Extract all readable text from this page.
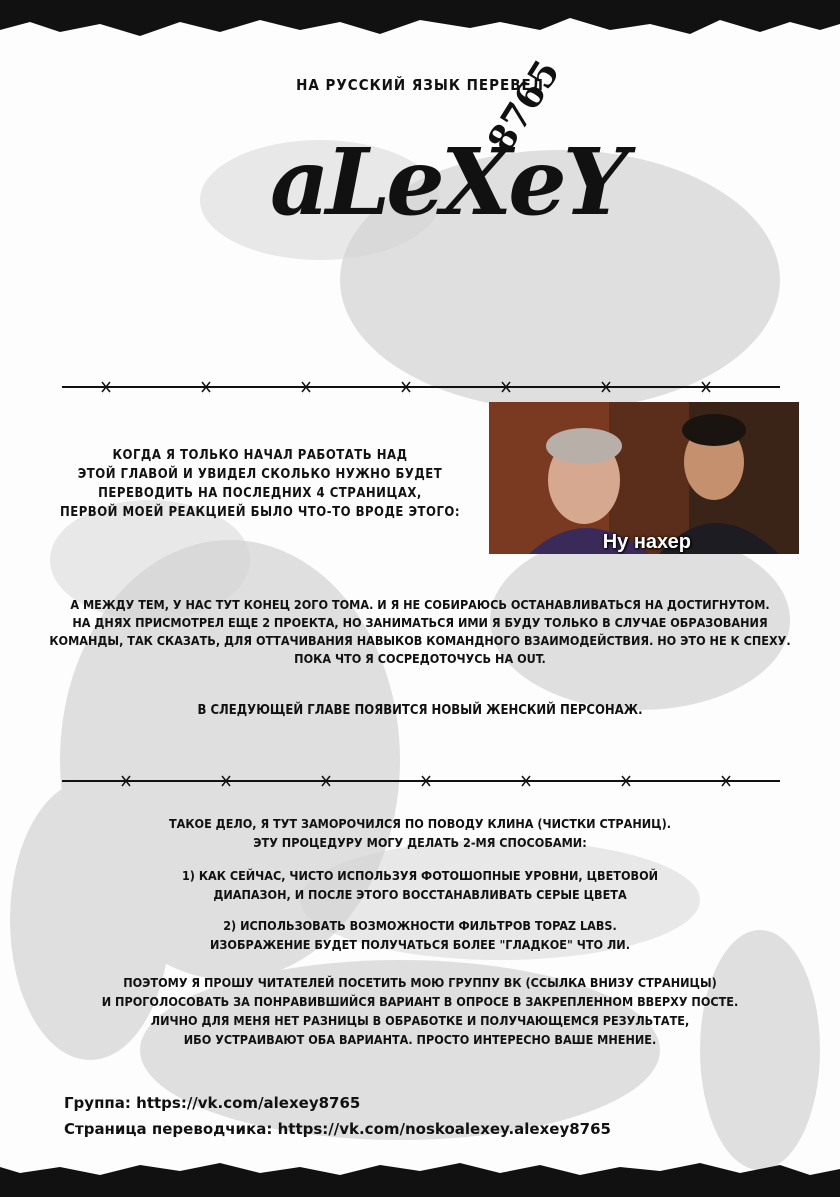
НА РУССКИЙ ЯЗЫК ПЕРЕВЕЛ
aLeXeY
8765
КОГДА Я ТОЛЬКО НАЧАЛ РАБОТАТЬ НАД
ЭТОЙ ГЛАВОЙ И УВИДЕЛ СКОЛЬКО НУЖНО БУДЕТ
ПЕРЕВОДИТЬ НА ПОСЛЕДНИХ 4 СТРАНИЦАХ,
ПЕРВОЙ МОЕЙ РЕАКЦИЕЙ БЫЛО ЧТО-ТО ВРОДЕ ЭТОГО:
Ну нахер
А МЕЖДУ ТЕМ, У НАС ТУТ КОНЕЦ 2ОГО ТОМА. И Я НЕ СОБИРАЮСЬ ОСТАНАВЛИВАТЬСЯ НА ДОСТИГНУТОМ.
НА ДНЯХ ПРИСМОТРЕЛ ЕЩЕ 2 ПРОЕКТА, НО ЗАНИМАТЬСЯ ИМИ Я БУДУ ТОЛЬКО В СЛУЧАЕ ОБРАЗОВАНИЯ
КОМАНДЫ, ТАК СКАЗАТЬ, ДЛЯ ОТТАЧИВАНИЯ НАВЫКОВ КОМАНДНОГО ВЗАИМОДЕЙСТВИЯ. НО ЭТО НЕ К СПЕХУ.
ПОКА ЧТО Я СОСРЕДОТОЧУСЬ НА OUT.
В СЛЕДУЮЩЕЙ ГЛАВЕ ПОЯВИТСЯ НОВЫЙ ЖЕНСКИЙ ПЕРСОНАЖ.
ТАКОЕ ДЕЛО, Я ТУТ ЗАМОРОЧИЛСЯ ПО ПОВОДУ КЛИНА (ЧИСТКИ СТРАНИЦ).
ЭТУ ПРОЦЕДУРУ МОГУ ДЕЛАТЬ 2-МЯ СПОСОБАМИ:
1) КАК СЕЙЧАС, ЧИСТО ИСПОЛЬЗУЯ ФОТОШОПНЫЕ УРОВНИ, ЦВЕТОВОЙ
ДИАПАЗОН, И ПОСЛЕ ЭТОГО ВОССТАНАВЛИВАТЬ СЕРЫЕ ЦВЕТА
2) ИСПОЛЬЗОВАТЬ ВОЗМОЖНОСТИ ФИЛЬТРОВ TOPAZ LABS.
ИЗОБРАЖЕНИЕ БУДЕТ ПОЛУЧАТЬСЯ БОЛЕЕ "ГЛАДКОЕ" ЧТО ЛИ.
ПОЭТОМУ Я ПРОШУ ЧИТАТЕЛЕЙ ПОСЕТИТЬ МОЮ ГРУППУ ВК (ССЫЛКА ВНИЗУ СТРАНИЦЫ)
И ПРОГОЛОСОВАТЬ ЗА ПОНРАВИВШИЙСЯ ВАРИАНТ В ОПРОСЕ В ЗАКРЕПЛЕННОМ ВВЕРХУ ПОСТЕ.
ЛИЧНО ДЛЯ МЕНЯ НЕТ РАЗНИЦЫ В ОБРАБОТКЕ И ПОЛУЧАЮЩЕМСЯ РЕЗУЛЬТАТЕ,
ИБО УСТРАИВАЮТ ОБА ВАРИАНТА. ПРОСТО ИНТЕРЕСНО ВАШЕ МНЕНИЕ.
Группа: https://vk.com/alexey8765
Страница переводчика: https://vk.com/noskoalexey.alexey8765
